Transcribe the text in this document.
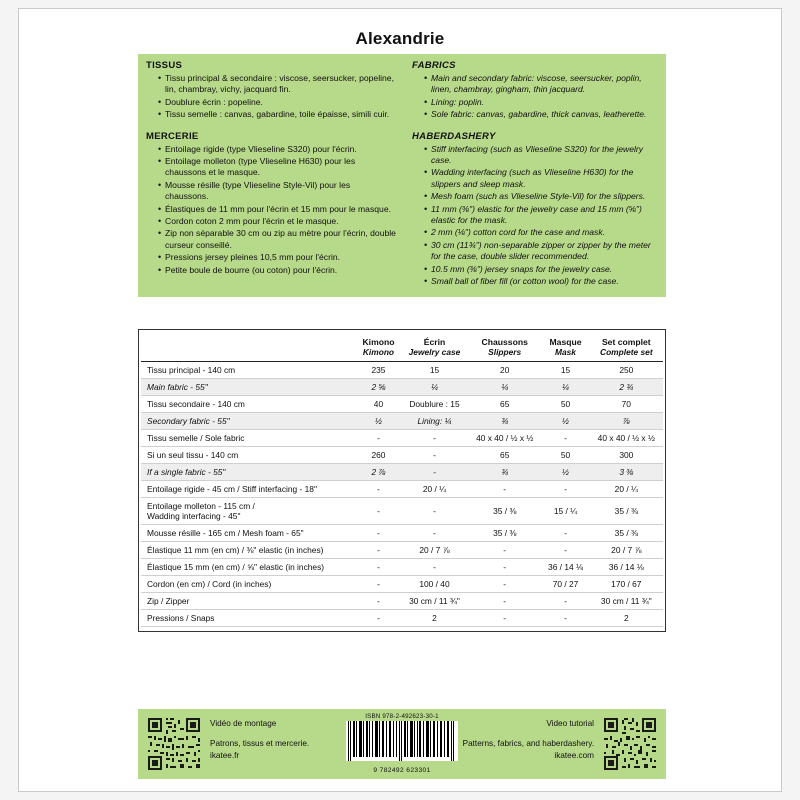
Alexandrie
TISSUS
• Tissu principal & secondaire : viscose, seersucker, popeline, lin, chambray, vichy, jacquard fin.
• Doublure écrin : popeline.
• Tissu semelle : canvas, gabardine, toile épaisse, simili cuir.
FABRICS
• Main and secondary fabric: viscose, seersucker, poplin, linen, chambray, gingham, thin jacquard.
• Lining: poplin.
• Sole fabric: canvas, gabardine, thick canvas, leatherette.
MERCERIE
• Entoilage rigide (type Vlieseline S320) pour l'écrin.
• Entoilage molleton (type Vlieseline H630) pour les chaussons et le masque.
• Mousse résille (type Vlieseline Style-Vil) pour les chaussons.
• Élastiques de 11 mm pour l'écrin et 15 mm pour le masque.
• Cordon coton 2 mm pour l'écrin et le masque.
• Zip non séparable 30 cm ou zip au mètre pour l'écrin, double curseur conseillé.
• Pressions jersey pleines 10,5 mm pour l'écrin.
• Petite boule de bourre (ou coton) pour l'écrin.
HABERDASHERY
• Stiff interfacing (such as Vlieseline S320) for the jewelry case.
• Wadding interfacing (such as Vlieseline H630) for the slippers and sleep mask.
• Mesh foam (such as Vlieseline Style-Vil) for the slippers.
• 11 mm (⅜") elastic for the jewelry case and 15 mm (⅝") elastic for the mask.
• 2 mm (⅛") cotton cord for the case and mask.
• 30 cm (11¾") non-separable zipper or zipper by the meter for the case, double slider recommended.
• 10.5 mm (⅜") jersey snaps for the jewelry case.
• Small ball of fiber fill (or cotton wool) for the case.
	Kimono	Écrin	Chaussons	Masque	Set complet
	Kimono	Jewelry case	Slippers	Mask	Complete set
Tissu principal - 140 cm	235	15	20	15	250
Main fabric - 55"	2 ⅝	¼	¼	¼	2 ¾
Tissu secondaire - 140 cm	40	Doublure : 15	65	50	70
Secondary fabric - 55"	½	Lining: ¼	¾	½	⅞
Tissu semelle / Sole fabric	-	-	40 x 40 / ½ x ½	-	40 x 40 / ½ x ½
Si un seul tissu - 140 cm	260	-	65	50	300
If a single fabric - 55"	2 ⅞	-	¾	½	3 ⅜
Entoilage rigide - 45 cm / Stiff interfacing - 18"	-	20 / ¼	-	-	20 / ¼
Entoilage molleton - 115 cm /
Wadding interfacing - 45"	-	-	35 / ⅜	15 / ¼	35 / ⅜
Mousse résille - 165 cm / Mesh foam - 65"	-	-	35 / ⅜	-	35 / ⅜
Élastique 11 mm (en cm) / ⅜" elastic (in inches)	-	20 / 7 ⅞	-	-	20 / 7 ⅞
Élastique 15 mm (en cm) / ⅝" elastic (in inches)	-	-	-	36 / 14 ⅛	36 / 14 ⅛
Cordon (en cm) / Cord (in inches)	-	100 / 40	-	70 / 27	170 / 67
Zip / Zipper	-	30 cm / 11 ¾"	-	-	30 cm / 11 ¾"
Pressions / Snaps	-	2	-	-	2
Vidéo de montage
Patrons, tissus et mercerie.
ikatee.fr
ISBN 978-2-492623-30-1
9 782492 623301
Video tutorial
Patterns, fabrics, and haberdashery.
ikatee.com
